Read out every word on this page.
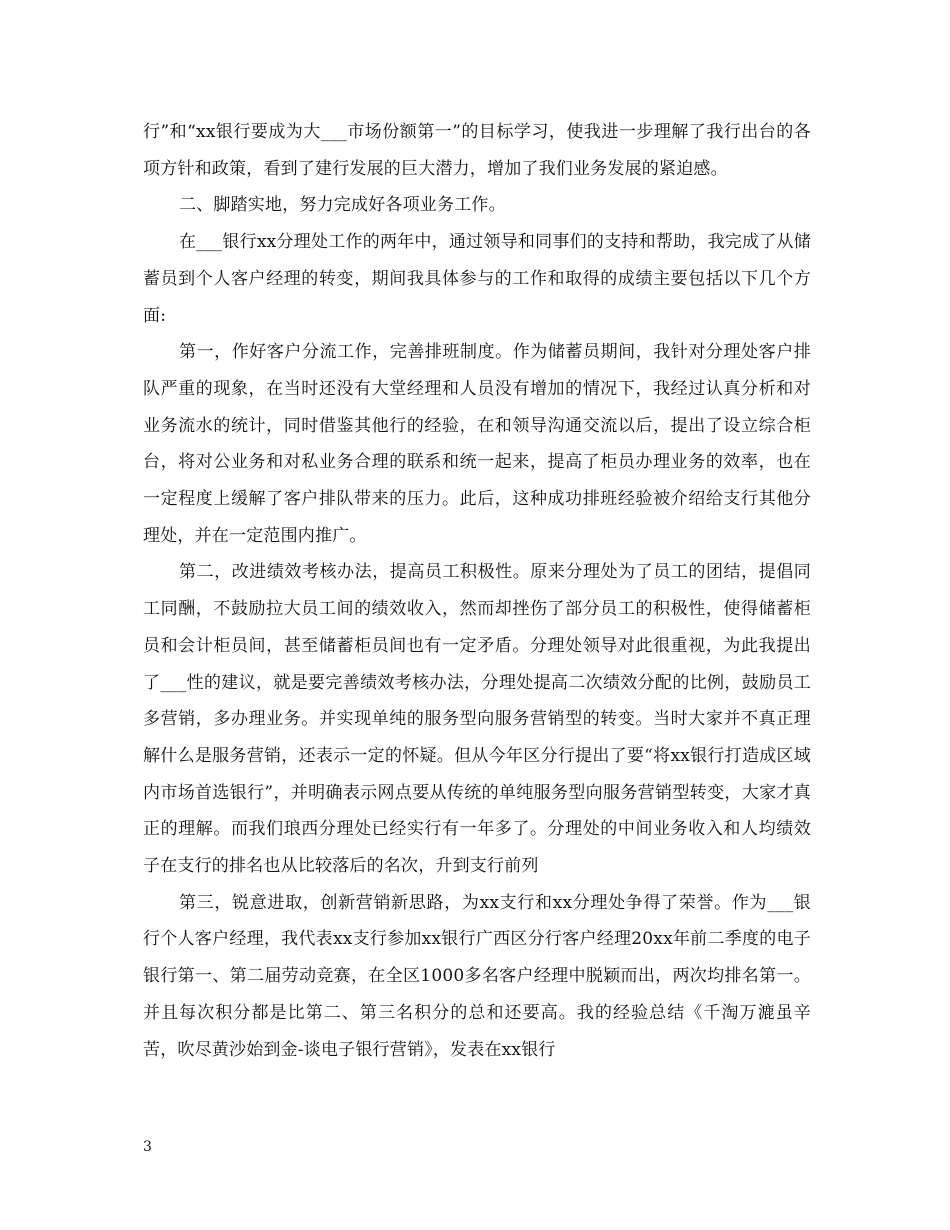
行”和“xx银行要成为大___市场份额第一”的目标学习，使我进一步理解了我行出台的各项方针和政策，看到了建行发展的巨大潜力，增加了我们业务发展的紧迫感。

二、脚踏实地，努力完成好各项业务工作。

在___银行xx分理处工作的两年中，通过领导和同事们的支持和帮助，我完成了从储蓄员到个人客户经理的转变，期间我具体参与的工作和取得的成绩主要包括以下几个方面:

第一，作好客户分流工作，完善排班制度。作为储蓄员期间，我针对分理处客户排队严重的现象，在当时还没有大堂经理和人员没有增加的情况下，我经过认真分析和对业务流水的统计，同时借鉴其他行的经验，在和领导沟通交流以后，提出了设立综合柜台，将对公业务和对私业务合理的联系和统一起来，提高了柜员办理业务的效率，也在一定程度上缓解了客户排队带来的压力。此后，这种成功排班经验被介绍给支行其他分理处，并在一定范围内推广。

第二，改进绩效考核办法，提高员工积极性。原来分理处为了员工的团结，提倡同工同酬，不鼓励拉大员工间的绩效收入，然而却挫伤了部分员工的积极性，使得储蓄柜员和会计柜员间，甚至储蓄柜员间也有一定矛盾。分理处领导对此很重视，为此我提出了___性的建议，就是要完善绩效考核办法，分理处提高二次绩效分配的比例，鼓励员工多营销，多办理业务。并实现单纯的服务型向服务营销型的转变。当时大家并不真正理解什么是服务营销，还表示一定的怀疑。但从今年区分行提出了要“将xx银行打造成区域内市场首选银行”，并明确表示网点要从传统的单纯服务型向服务营销型转变，大家才真正的理解。而我们琅西分理处已经实行有一年多了。分理处的中间业务收入和人均绩效子在支行的排名也从比较落后的名次，升到支行前列

第三，锐意进取，创新营销新思路，为xx支行和xx分理处争得了荣誉。作为___银行个人客户经理，我代表xx支行参加xx银行广西区分行客户经理20xx年前二季度的电子银行第一、第二届劳动竞赛，在全区1000多名客户经理中脱颖而出，两次均排名第一。并且每次积分都是比第二、第三名积分的总和还要高。我的经验总结《千淘万漉虽辛苦，吹尽黄沙始到金-谈电子银行营销》，发表在xx银行

3
